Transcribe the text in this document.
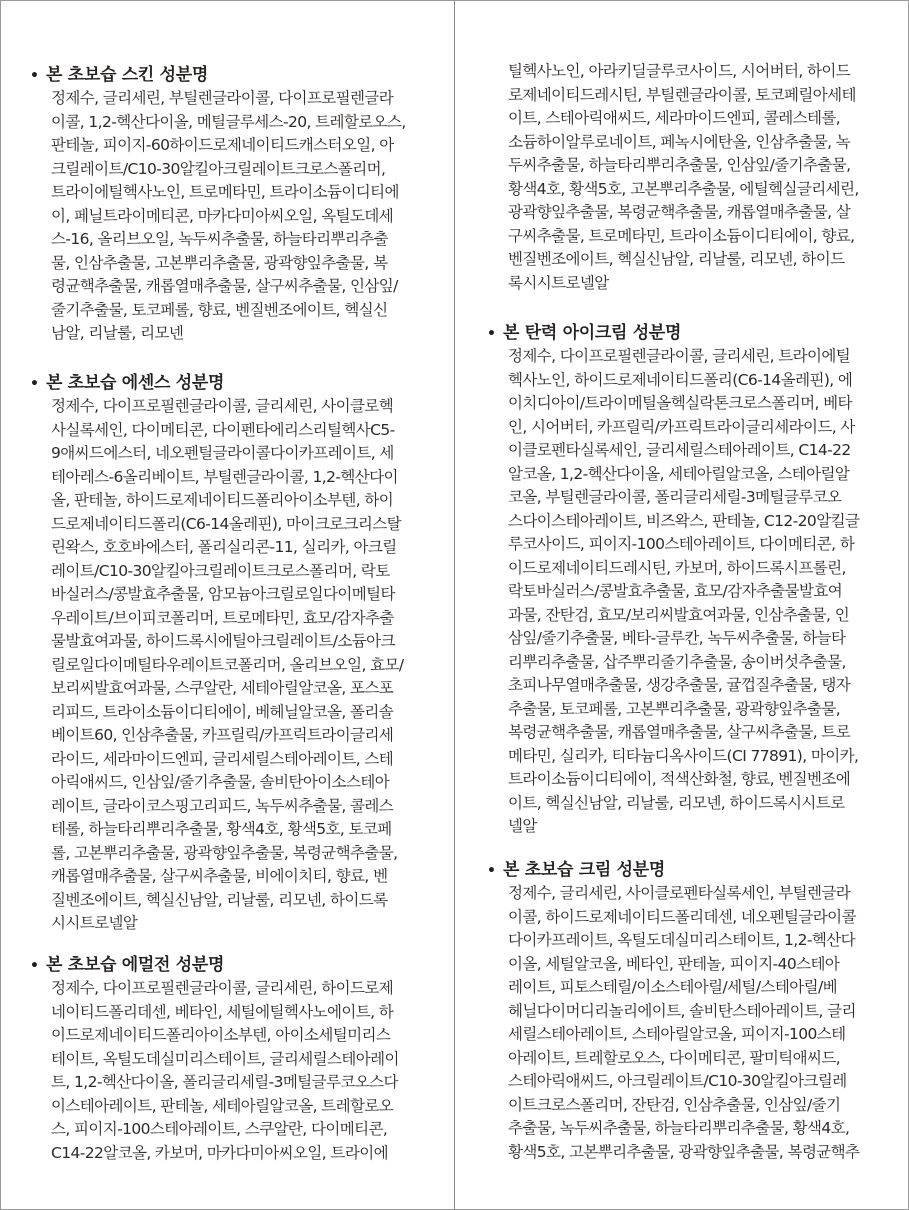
• 본 초보습 스킨 성분명
정제수, 글리세린, 부틸렌글라이콜, 다이프로필렌글라
이콜, 1,2-헥산다이올, 메틸글루세스-20, 트레할로오스,
판테놀, 피이지-60하이드로제네이티드캐스터오일, 아
크릴레이트/C10-30알킬아크릴레이트크로스폴리머,
트라이에틸헥사노인, 트로메타민, 트라이소듐이디티에
이, 페닐트라이메티콘, 마카다미아씨오일, 옥틸도데세
스-16, 올리브오일, 녹두씨추출물, 하늘타리뿌리추출
물, 인삼추출물, 고본뿌리추출물, 광곽향잎추출물, 복
령균핵추출물, 캐롭열매추출물, 살구씨추출물, 인삼잎/
줄기추출물, 토코페롤, 향료, 벤질벤조에이트, 헥실신
남알, 리날룰, 리모넨
• 본 초보습 에센스 성분명
정제수, 다이프로필렌글라이콜, 글리세린, 사이클로헥
사실록세인, 다이메티콘, 다이펜타에리스리틸헥사C5-
9애씨드에스터, 네오펜틸글라이콜다이카프레이트, 세
테아레스-6올리베이트, 부틸렌글라이콜, 1,2-헥산다이
올, 판테놀, 하이드로제네이티드폴리아이소부텐, 하이
드로제네이티드폴리(C6-14올레핀), 마이크로크리스탈
린왁스, 호호바에스터, 폴리실리콘-11, 실리카, 아크릴
레이트/C10-30알킬아크릴레이트크로스폴리머, 락토
바실러스/콩발효추출물, 암모늄아크릴로일다이메틸타
우레이트/브이피코폴리머, 트로메타민, 효모/감자추출
물발효여과물, 하이드록시에틸아크릴레이트/소듐아크
릴로일다이메틸타우레이트코폴리머, 올리브오일, 효모/
보리씨발효여과물, 스쿠알란, 세테아릴알코올, 포스포
리피드, 트라이소듐이디티에이, 베헤닐알코올, 폴리솔
베이트60, 인삼추출물, 카프릴릭/카프릭트라이글리세
라이드, 세라마이드엔피, 글리세릴스테아레이트, 스테
아릭애씨드, 인삼잎/줄기추출물, 솔비탄아이소스테아
레이트, 글라이코스핑고리피드, 녹두씨추출물, 콜레스
테롤, 하늘타리뿌리추출물, 황색4호, 황색5호, 토코페
롤, 고본뿌리추출물, 광곽향잎추출물, 복령균핵추출물,
캐롭열매추출물, 살구씨추출물, 비에이치티, 향료, 벤
질벤조에이트, 헥실신남알, 리날룰, 리모넨, 하이드록
시시트로넬알
• 본 초보습 에멀전 성분명
정제수, 다이프로필렌글라이콜, 글리세린, 하이드로제
네이티드폴리데센, 베타인, 세틸에틸헥사노에이트, 하
이드로제네이티드폴리아이소부텐, 아이소세틸미리스
테이트, 옥틸도데실미리스테이트, 글리세릴스테아레이
트, 1,2-헥산다이올, 폴리글리세릴-3메틸글루코오스다
이스테아레이트, 판테놀, 세테아릴알코올, 트레할로오
스, 피이지-100스테아레이트, 스쿠알란, 다이메티콘,
C14-22알코올, 카보머, 마카다미아씨오일, 트라이에
틸헥사노인, 아라키딜글루코사이드, 시어버터, 하이드
로제네이티드레시틴, 부틸렌글라이콜, 토코페릴아세테
이트, 스테아릭애씨드, 세라마이드엔피, 콜레스테롤,
소듐하이알루로네이트, 페녹시에탄올, 인삼추출물, 녹
두씨추출물, 하늘타리뿌리추출물, 인삼잎/줄기추출물,
황색4호, 황색5호, 고본뿌리추출물, 에틸헥실글리세린,
광곽향잎추출물, 복령균핵추출물, 캐롭열매추출물, 살
구씨추출물, 트로메타민, 트라이소듐이디티에이, 향료,
벤질벤조에이트, 헥실신남알, 리날룰, 리모넨, 하이드
록시시트로넬알
• 본 탄력 아이크림 성분명
정제수, 다이프로필렌글라이콜, 글리세린, 트라이에틸
헥사노인, 하이드로제네이티드폴리(C6-14올레핀), 에
이치디아이/트라이메틸올헥실락톤크로스폴리머, 베타
인, 시어버터, 카프릴릭/카프릭트라이글리세라이드, 사
이클로펜타실록세인, 글리세릴스테아레이트, C14-22
알코올, 1,2-헥산다이올, 세테아릴알코올, 스테아릴알
코올, 부틸렌글라이콜, 폴리글리세릴-3메틸글루코오
스다이스테아레이트, 비즈왁스, 판테놀, C12-20알킬글
루코사이드, 피이지-100스테아레이트, 다이메티콘, 하
이드로제네이티드레시틴, 카보머, 하이드록시프롤린,
락토바실러스/콩발효추출물, 효모/감자추출물발효여
과물, 잔탄검, 효모/보리씨발효여과물, 인삼추출물, 인
삼잎/줄기추출물, 베타-글루칸, 녹두씨추출물, 하늘타
리뿌리추출물, 삽주뿌리줄기추출물, 송이버섯추출물,
초피나무열매추출물, 생강추출물, 귤껍질추출물, 탱자
추출물, 토코페롤, 고본뿌리추출물, 광곽향잎추출물,
복령균핵추출물, 캐롭열매추출물, 살구씨추출물, 트로
메타민, 실리카, 티타늄디옥사이드(CI 77891), 마이카,
트라이소듐이디티에이, 적색산화철, 향료, 벤질벤조에
이트, 헥실신남알, 리날룰, 리모넨, 하이드록시시트로
넬알
• 본 초보습 크림 성분명
정제수, 글리세린, 사이클로펜타실록세인, 부틸렌글라
이콜, 하이드로제네이티드폴리데센, 네오펜틸글라이콜
다이카프레이트, 옥틸도데실미리스테이트, 1,2-헥산다
이올, 세틸알코올, 베타인, 판테놀, 피이지-40스테아
레이트, 피토스테릴/이소스테아릴/세틸/스테아릴/베
헤닐다이머디리놀리에이트, 솔비탄스테아레이트, 글리
세릴스테아레이트, 스테아릴알코올, 피이지-100스테
아레이트, 트레할로오스, 다이메티콘, 팔미틱애씨드,
스테아릭애씨드, 아크릴레이트/C10-30알킬아크릴레
이트크로스폴리머, 잔탄검, 인삼추출물, 인삼잎/줄기
추출물, 녹두씨추출물, 하늘타리뿌리추출물, 황색4호,
황색5호, 고본뿌리추출물, 광곽향잎추출물, 복령균핵추
